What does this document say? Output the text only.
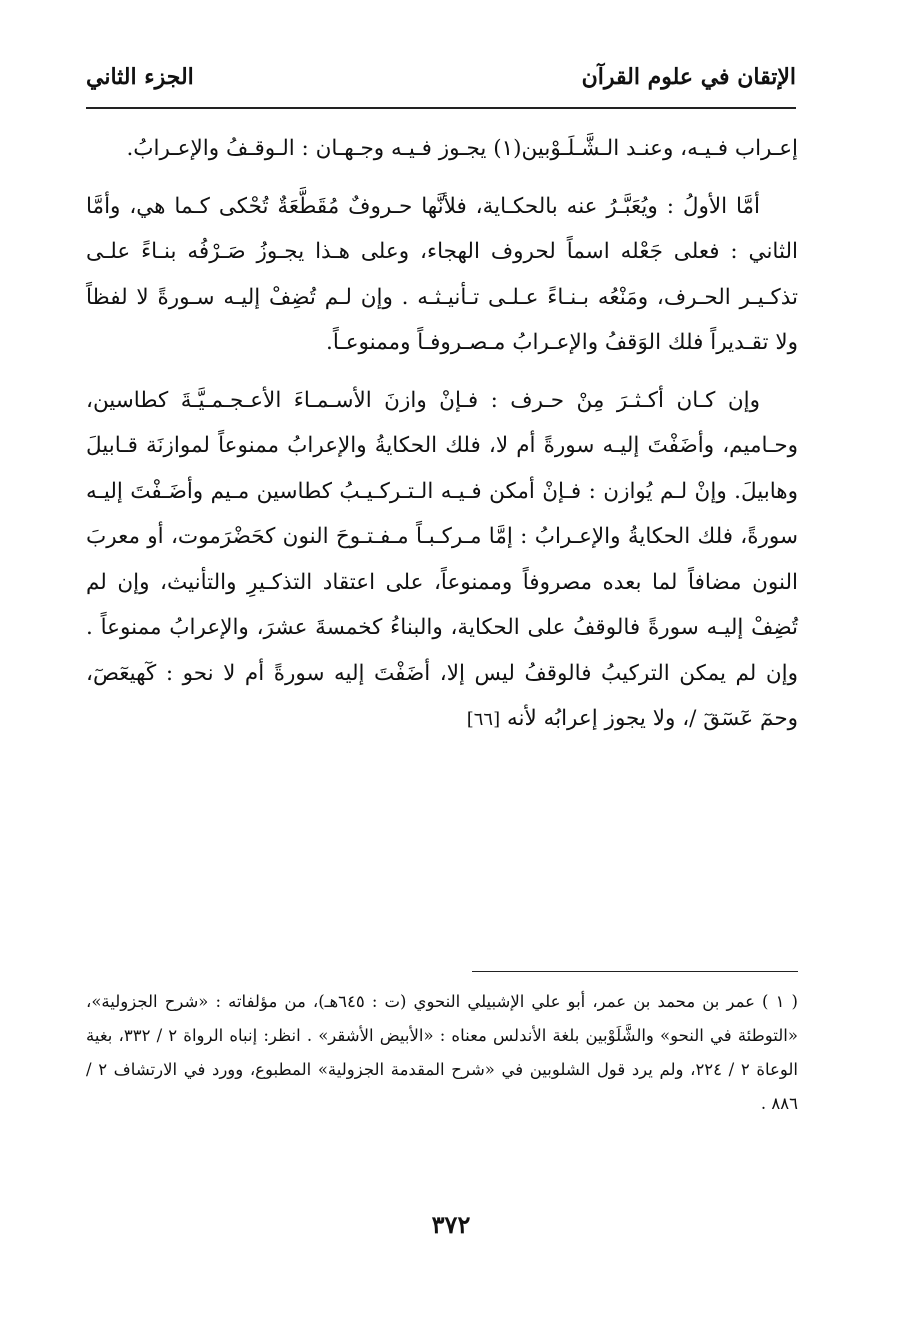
الإتقان في علوم القرآن
الجزء الثاني

إعـراب فـيـه، وعنـد الـشَّـلَـوْبين(١) يجـوز فـيـه وجـهـان : الـوقـفُ والإعـرابُ.

أمَّا الأولُ : ويُعَبَّـرُ عنه بالحكـاية، فلأنَّها حـروفٌ مُقَطَّعَةٌ تُحْكى كـما هي، وأمَّا الثاني : فعلى جَعْله اسماً لحروف الهجاء، وعلى هـذا يجـوزُ صَـرْفُه بنـاءً علـى تذكـيـر الحـرف، ومَنْعُه بـنـاءً عـلـى تـأنيـثـه . وإن لـم تُضِفْ إليـه سـورةً لا لفظاً ولا تقـديراً فلك الوَقفُ والإعـرابُ مـصـروفـاً وممنوعـاً.

وإن كـان أكـثـرَ مِنْ حـرف : فـإنْ وازنَ الأسـمـاءَ الأعـجـمـيَّـةَ كطاسين، وحـاميم، وأضَفْتَ إليـه سورةً أم لا، فلك الحكايةُ والإعرابُ ممنوعاً لموازنَة قـابيلَ وهابيلَ. وإنْ لـم يُوازن : فـإنْ أمكن فـيـه الـتـركـيـبُ كطاسين مـيم وأضَـفْتَ إليـه سورةً، فلك الحكايةُ والإعـرابُ : إمَّا مـركـبـاً مـفـتـوحَ النون كحَضْرَموت، أو معربَ النون مضافاً لما بعده مصروفاً وممنوعاً، على اعتقاد التذكـيرِ والتأنيث، وإن لم تُضِفْ إليـه سورةً فالوقفُ على الحكاية، والبناءُ كخمسةَ عشرَ، والإعرابُ ممنوعاً . وإن لم يمكن التركيبُ فالوقفُ ليس إلا، أضَفْتَ إليه سورةً أم لا نحو : كٓهيعٓصٓ، وحمٓ عٓسٓقٓ /، ولا يجوز إعرابُه لأنه [٦٦]

( ١ ) عمر بن محمد بن عمر، أبو علي الإشبيلي النحوي (ت : ٦٤٥هـ)، من مؤلفاته : «شرح الجزولية»، «التوطئة في النحو» والشَّلَوْبين بلغة الأندلس معناه : «الأبيض الأشقر» . انظر: إنباه الرواة ٢ / ٣٣٢، بغية الوعاة ٢ / ٢٢٤، ولم يرد قول الشلوبين في «شرح المقدمة الجزولية» المطبوع، وورد في الارتشاف ٢ / ٨٨٦ .

٣٧٢
